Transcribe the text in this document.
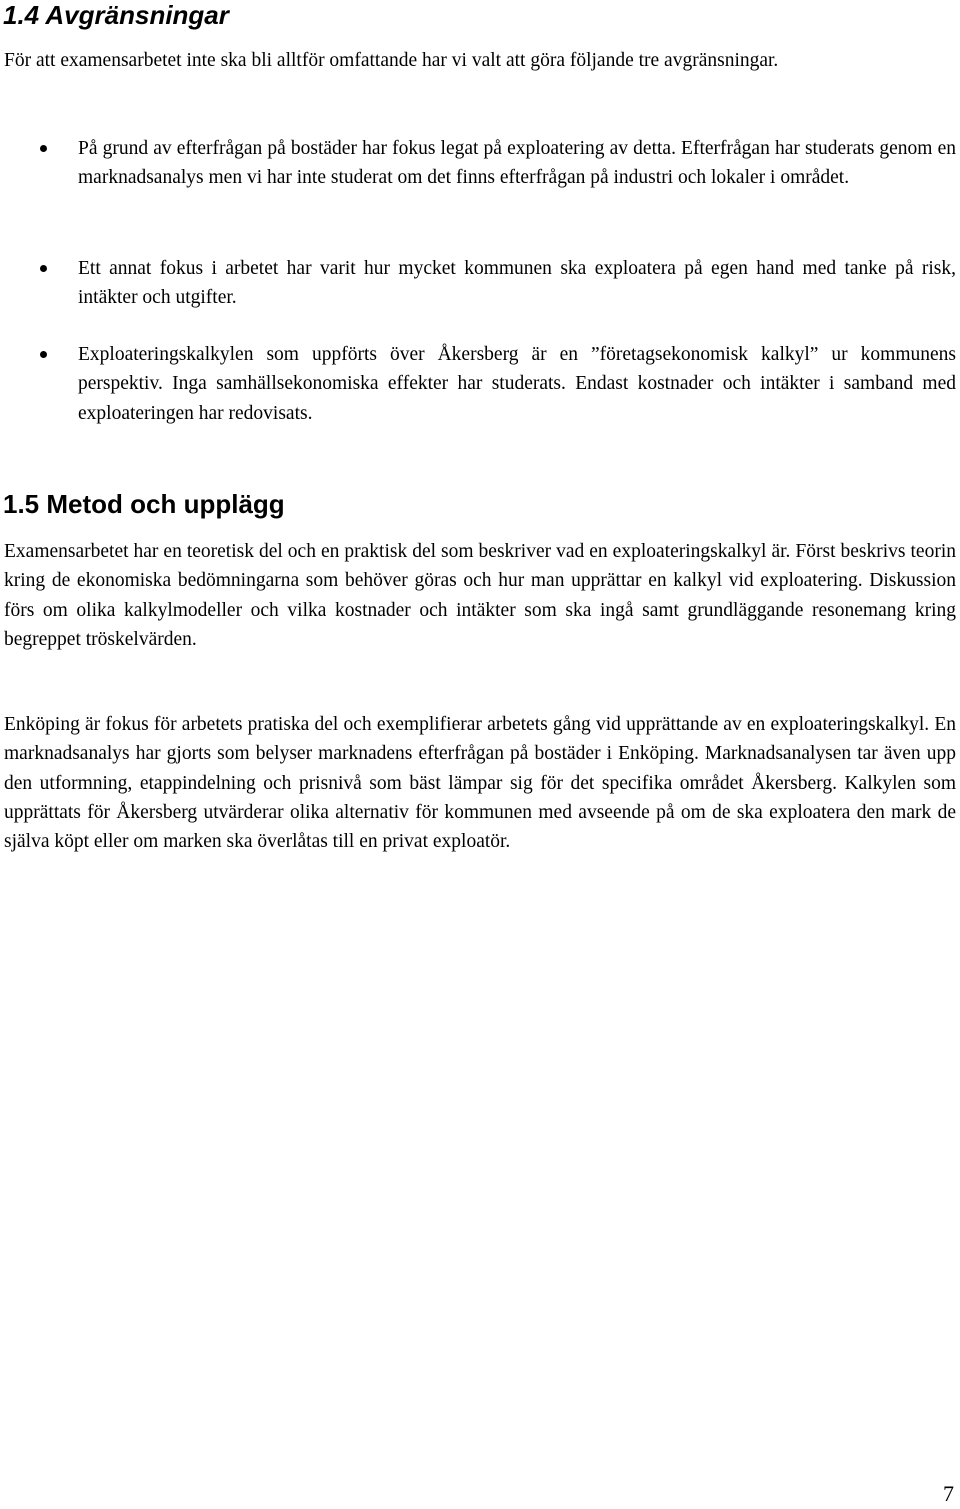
1.4 Avgränsningar

För att examensarbetet inte ska bli alltför omfattande har vi valt att göra följande tre avgränsningar.

På grund av efterfrågan på bostäder har fokus legat på exploatering av detta. Efterfrågan har studerats genom en marknadsanalys men vi har inte studerat om det finns efterfrågan på industri och lokaler i området.

Ett annat fokus i arbetet har varit hur mycket kommunen ska exploatera på egen hand med tanke på risk, intäkter och utgifter.

Exploateringskalkylen som uppförts över Åkersberg är en ”företagsekonomisk kalkyl” ur kommunens perspektiv. Inga samhällsekonomiska effekter har studerats. Endast kostnader och intäkter i samband med exploateringen har redovisats.

1.5 Metod och upplägg

Examensarbetet har en teoretisk del och en praktisk del som beskriver vad en exploateringskalkyl är. Först beskrivs teorin kring de ekonomiska bedömningarna som behöver göras och hur man upprättar en kalkyl vid exploatering. Diskussion förs om olika kalkylmodeller och vilka kostnader och intäkter som ska ingå samt grundläggande resonemang kring begreppet tröskelvärden.

Enköping är fokus för arbetets pratiska del och exemplifierar arbetets gång vid upprättande av en exploateringskalkyl. En marknadsanalys har gjorts som belyser marknadens efterfrågan på bostäder i Enköping. Marknadsanalysen tar även upp den utformning, etappindelning och prisnivå som bäst lämpar sig för det specifika området Åkersberg. Kalkylen som upprättats för Åkersberg utvärderar olika alternativ för kommunen med avseende på om de ska exploatera den mark de själva köpt eller om marken ska överlåtas till en privat exploatör.

7
